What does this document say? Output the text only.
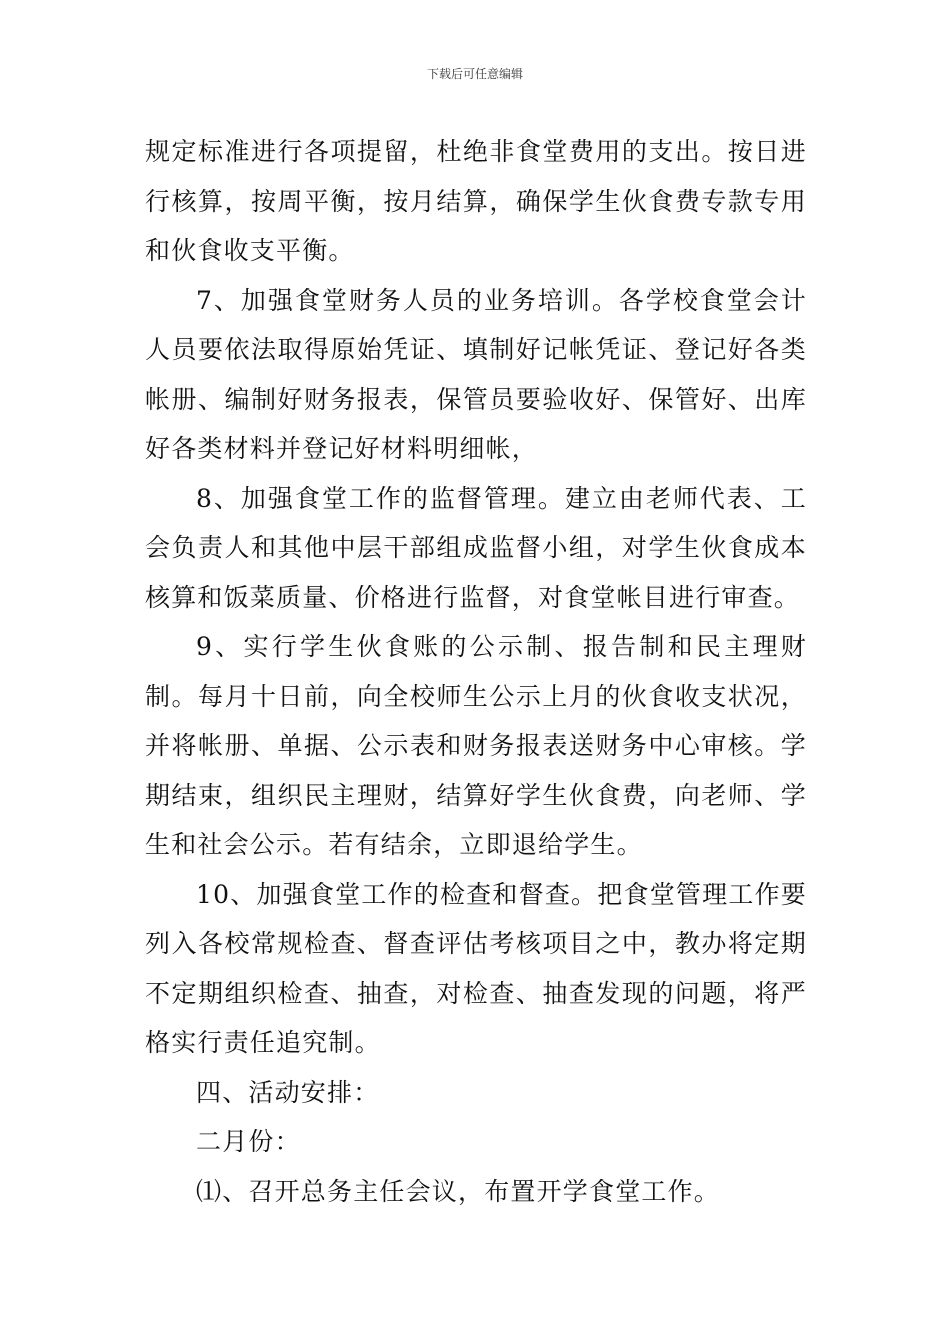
下载后可任意编辑

规定标准进行各项提留，杜绝非食堂费用的支出。按日进行核算，按周平衡，按月结算，确保学生伙食费专款专用和伙食收支平衡。

7、加强食堂财务人员的业务培训。各学校食堂会计人员要依法取得原始凭证、填制好记帐凭证、登记好各类帐册、编制好财务报表，保管员要验收好、保管好、出库好各类材料并登记好材料明细帐，

8、加强食堂工作的监督管理。建立由老师代表、工会负责人和其他中层干部组成监督小组，对学生伙食成本核算和饭菜质量、价格进行监督，对食堂帐目进行审查。

9、实行学生伙食账的公示制、报告制和民主理财制。每月十日前，向全校师生公示上月的伙食收支状况，并将帐册、单据、公示表和财务报表送财务中心审核。学期结束，组织民主理财，结算好学生伙食费，向老师、学生和社会公示。若有结余，立即退给学生。

10、加强食堂工作的检查和督查。把食堂管理工作要列入各校常规检查、督查评估考核项目之中，教办将定期不定期组织检查、抽查，对检查、抽查发现的问题，将严格实行责任追究制。

四、活动安排：

二月份：

⑴、召开总务主任会议，布置开学食堂工作。
